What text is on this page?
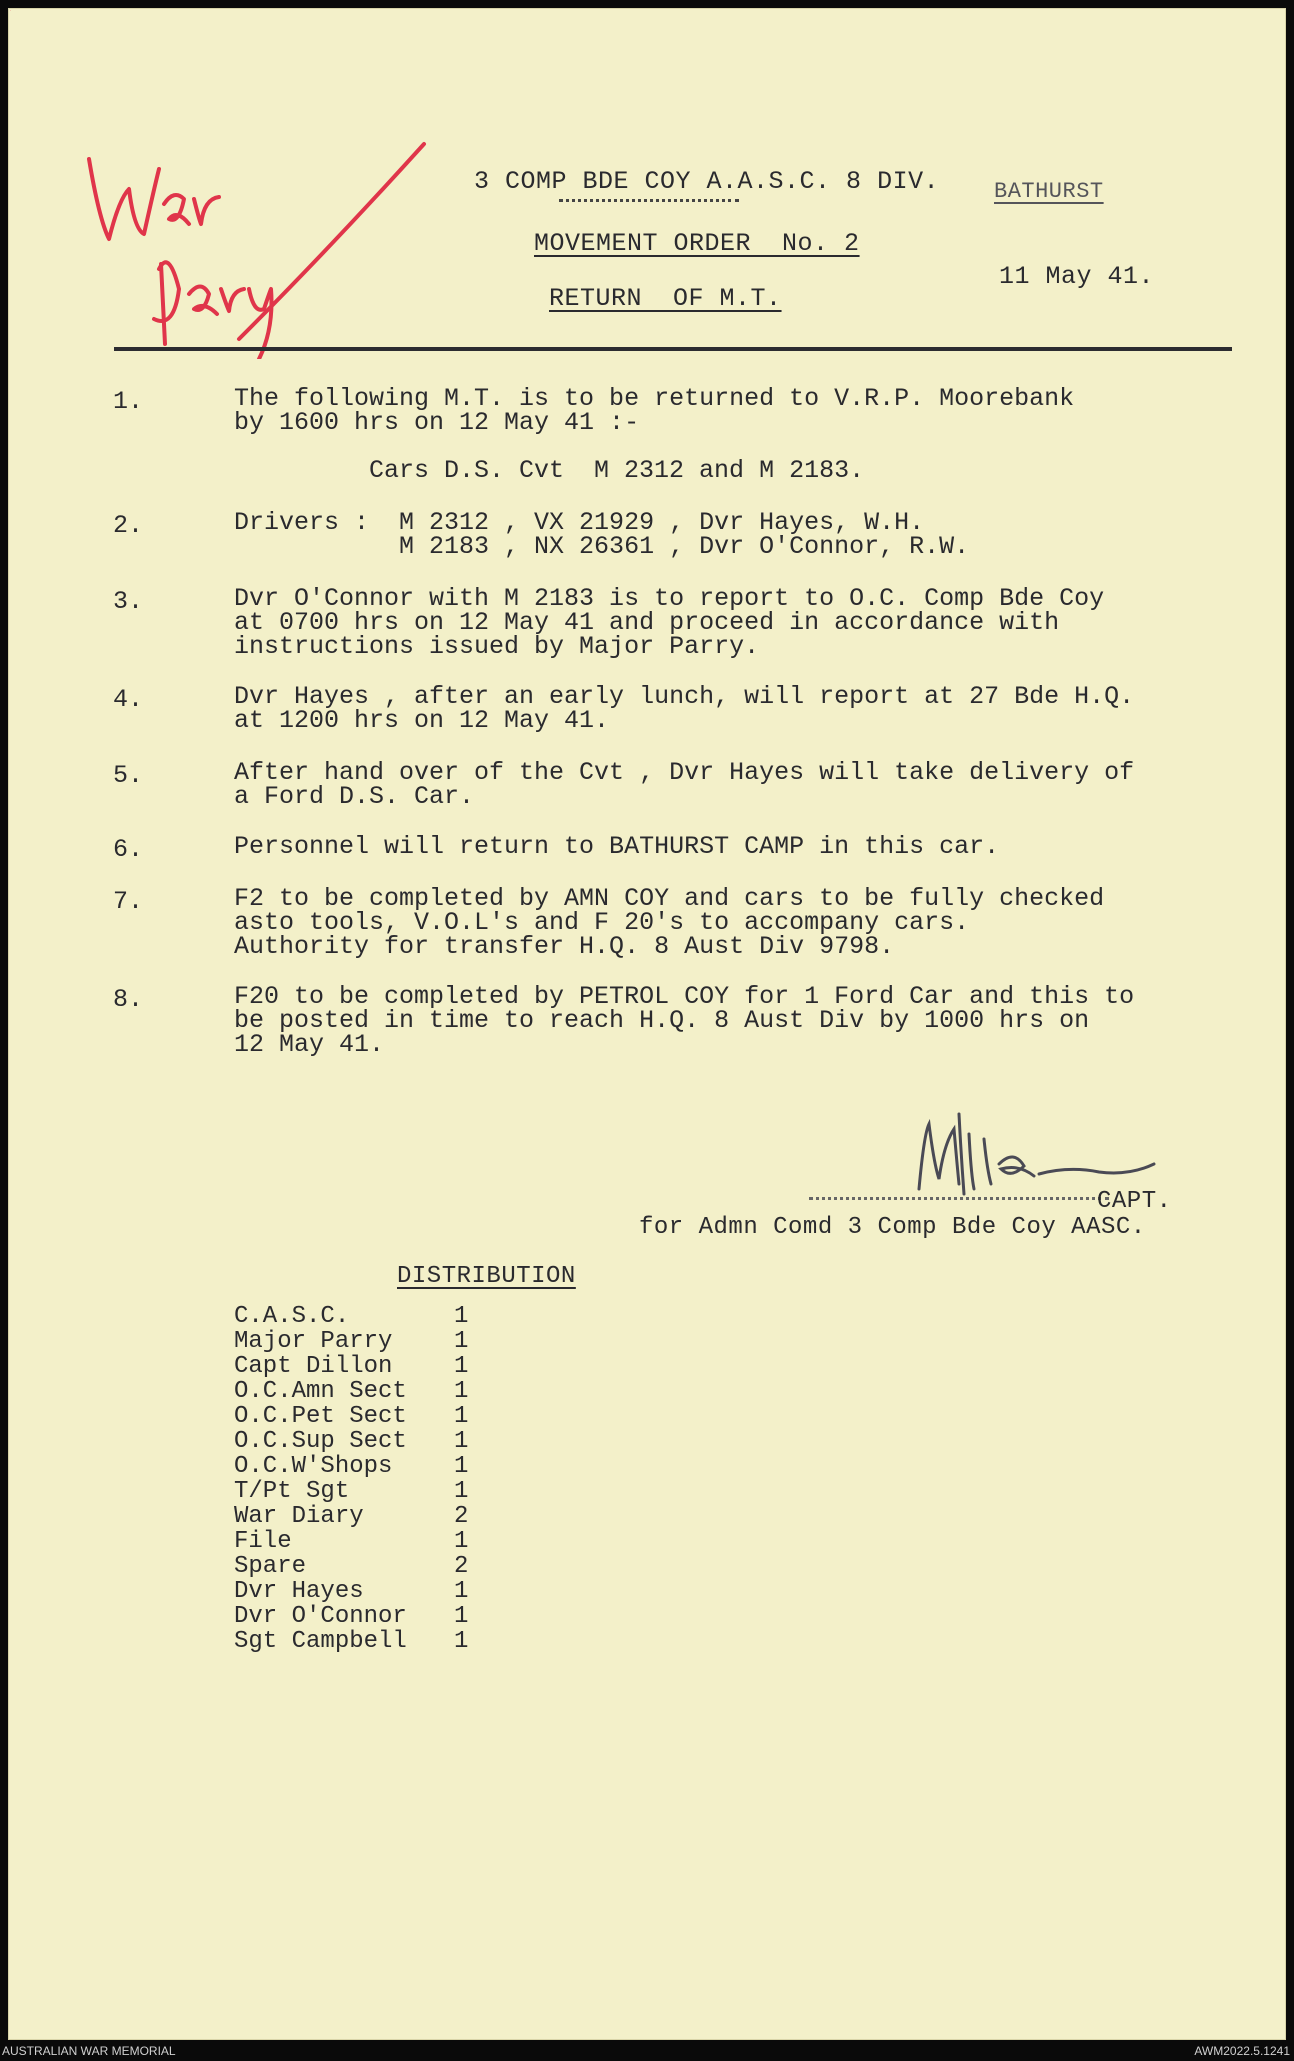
3 COMP BDE COY A.A.S.C. 8 DIV. BATHURST
MOVEMENT ORDER  No. 2
11 May 41.
RETURN  OF M.T.
1.	The following M.T. is to be returned to V.R.P. Moorebank
by 1600 hrs on 12 May 41 :-
Cars D.S. Cvt  M 2312 and M 2183.
2.	Drivers :  M 2312 , VX 21929 , Dvr Hayes, W.H.
M 2183 , NX 26361 , Dvr O'Connor, R.W.
3.	Dvr O'Connor with M 2183 is to report to O.C. Comp Bde Coy
at 0700 hrs on 12 May 41 and proceed in accordance with
instructions issued by Major Parry.
4.	Dvr Hayes , after an early lunch, will report at 27 Bde H.Q.
at 1200 hrs on 12 May 41.
5.	After hand over of the Cvt , Dvr Hayes will take delivery of
a Ford D.S. Car.
6.	Personnel will return to BATHURST CAMP in this car.
7.	F2 to be completed by AMN COY and cars to be fully checked
asto tools, V.O.L's and F 20's to accompany cars.
Authority for transfer H.Q. 8 Aust Div 9798.
8.	F20 to be completed by PETROL COY for 1 Ford Car and this to
be posted in time to reach H.Q. 8 Aust Div by 1000 hrs on
12 May 41.
CAPT.
for Admn Comd 3 Comp Bde Coy AASC.
DISTRIBUTION
C.A.S.C.	1
Major Parry	1
Capt Dillon	1
O.C.Amn Sect	1
O.C.Pet Sect	1
O.C.Sup Sect	1
O.C.W'Shops	1
T/Pt Sgt	1
War Diary	2
File	1
Spare	2
Dvr Hayes	1
Dvr O'Connor	1
Sgt Campbell	1
W
AUSTRALIAN WAR MEMORIAL	AWM2022.5.1241
